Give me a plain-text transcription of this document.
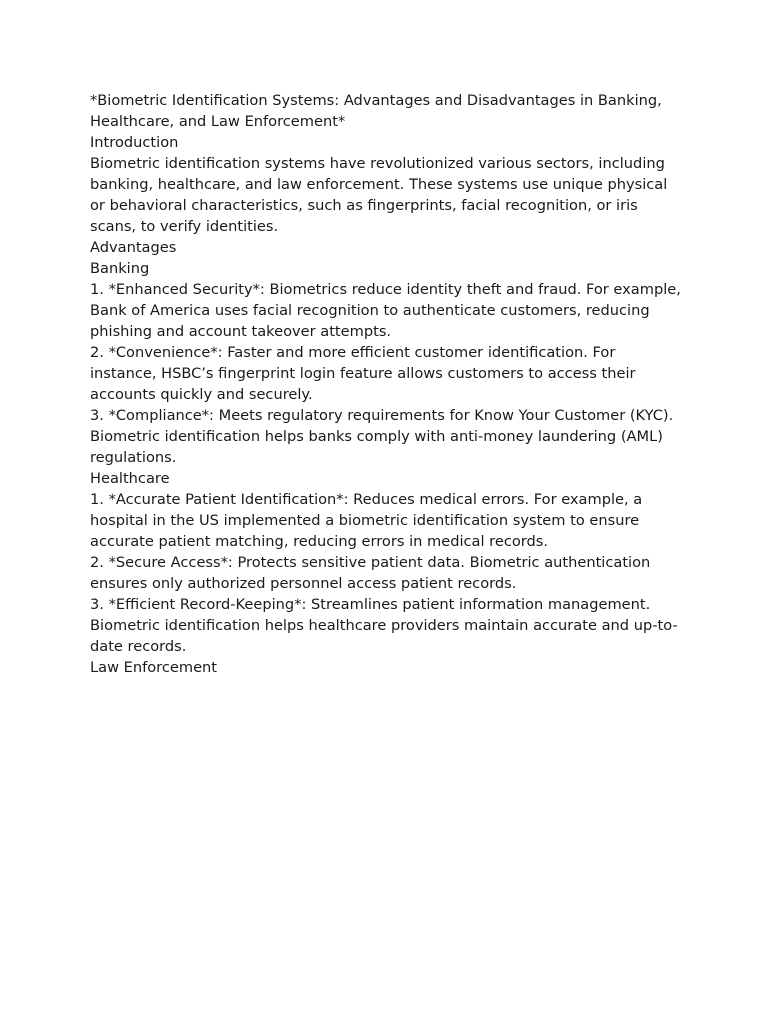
*Biometric Identification Systems: Advantages and Disadvantages in Banking, Healthcare, and Law Enforcement*

Introduction

Biometric identification systems have revolutionized various sectors, including banking, healthcare, and law enforcement. These systems use unique physical or behavioral characteristics, such as fingerprints, facial recognition, or iris scans, to verify identities.

Advantages

Banking

1. *Enhanced Security*: Biometrics reduce identity theft and fraud. For example, Bank of America uses facial recognition to authenticate customers, reducing phishing and account takeover attempts.

2. *Convenience*: Faster and more efficient customer identification. For instance, HSBC’s fingerprint login feature allows customers to access their accounts quickly and securely.

3. *Compliance*: Meets regulatory requirements for Know Your Customer (KYC). Biometric identification helps banks comply with anti-money laundering (AML) regulations.

Healthcare

1. *Accurate Patient Identification*: Reduces medical errors. For example, a hospital in the US implemented a biometric identification system to ensure accurate patient matching, reducing errors in medical records.

2. *Secure Access*: Protects sensitive patient data. Biometric authentication ensures only authorized personnel access patient records.

3. *Efficient Record-Keeping*: Streamlines patient information management. Biometric identification helps healthcare providers maintain accurate and up-to-date records.

Law Enforcement
